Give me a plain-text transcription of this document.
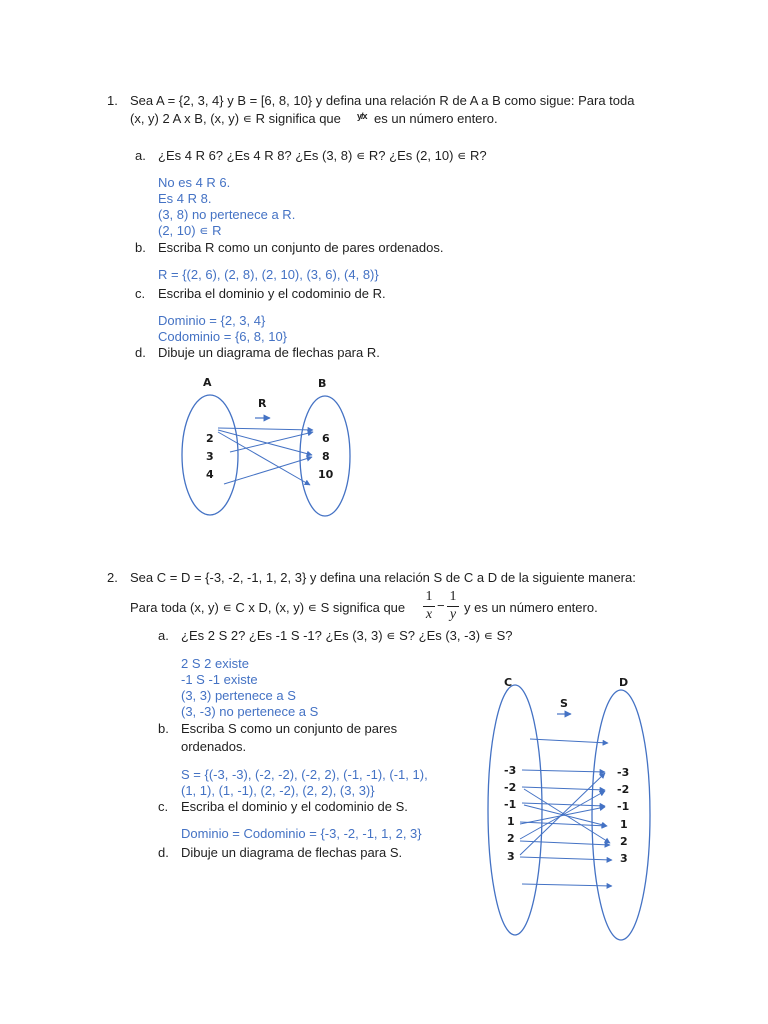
1. Sea A = {2, 3, 4} y B = [6, 8, 10} y defina una relación R de A a B como sigue: Para toda
(x, y) 2 A x B, (x, y) ∊ R significa que y/x es un número entero.
a. ¿Es 4 R 6? ¿Es 4 R 8? ¿Es (3, 8) ∊ R? ¿Es (2, 10) ∊ R?
No es 4 R 6.
Es 4 R 8.
(3, 8) no pertenece a R.
(2, 10) ∊ R
b. Escriba R como un conjunto de pares ordenados.
R = {(2, 6), (2, 8), (2, 10), (3, 6), (4, 8)}
c. Escriba el dominio y el codominio de R.
Dominio = {2, 3, 4}
Codominio = {6, 8, 10}
d. Dibuje un diagrama de flechas para R.
A	B
R
2
3
4
6
8
10
2. Sea C = D = {-3, -2, -1, 1, 2, 3} y defina una relación S de C a D de la siguiente manera:
Para toda (x, y) ∊ C x D, (x, y) ∊ S significa que
1
x
−
1
y y es un número entero.
a. ¿Es 2 S 2? ¿Es -1 S -1? ¿Es (3, 3) ∊ S? ¿Es (3, -3) ∊ S?
2 S 2 existe
-1 S -1 existe
(3, 3) pertenece a S
(3, -3) no pertenece a S
b. Escriba S como un conjunto de pares
ordenados.
S = {(-3, -3), (-2, -2), (-2, 2), (-1, -1), (-1, 1),
(1, 1), (1, -1), (2, -2), (2, 2), (3, 3)}
c. Escriba el dominio y el codominio de S.
Dominio = Codominio = {-3, -2, -1, 1, 2, 3}
d. Dibuje un diagrama de flechas para S.
C	D
S
-3
-2
-1
1
2
3
-3
-2
-1
1
2
3
